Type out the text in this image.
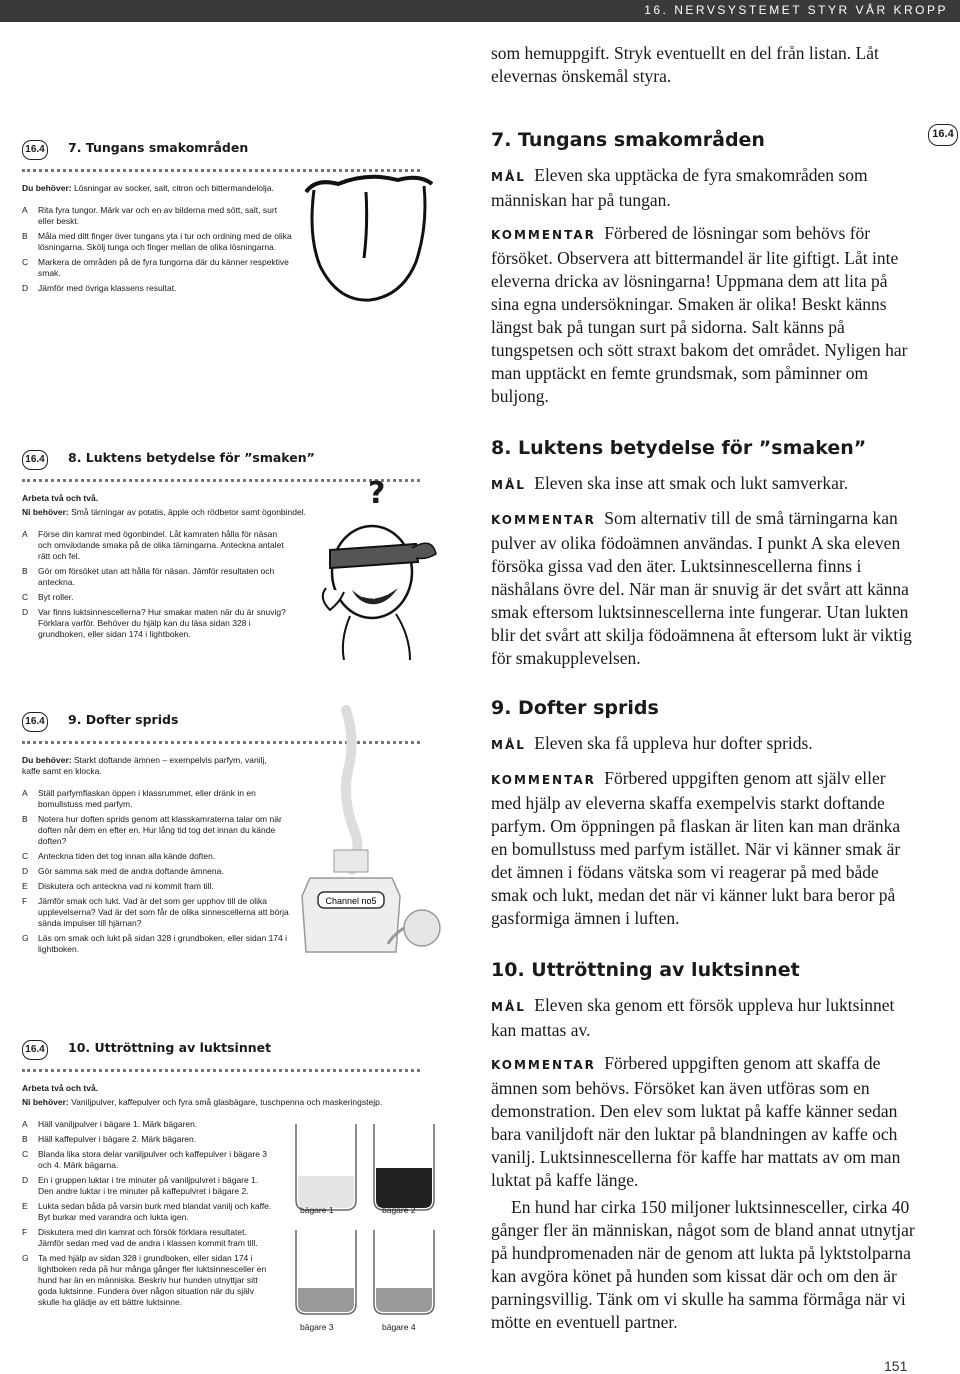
16. NERVSYSTEMET STYR VÅR KROPP
som hemuppgift. Stryk eventuellt en del från listan. Låt elevernas önskemål styra.
16.4
16.4 7. Tungans smakområden
Du behöver: Lösningar av socker, salt, citron och bittermandelolja.
A Rita fyra tungor. Märk var och en av bilderna med sött, salt, surt eller beskt.
B Måla med ditt finger över tungans yta i tur och ordning med de olika lösningarna. Skölj tunga och finger mellan de olika lösningarna.
C Markera de områden på de fyra tungorna där du känner respektive smak.
D Jämför med övriga klassens resultat.
16.4 8. Luktens betydelse för ”smaken”
Arbeta två och två.
Ni behöver: Små tärningar av potatis, äpple och rödbetor samt ögonbindel.
A Förse din kamrat med ögonbindel. Låt kamraten hålla för näsan och omväxlande smaka på de olika tärningarna. Anteckna antalet rätt och fel.
B Gör om försöket utan att hålla för näsan. Jämför resultaten och anteckna.
C Byt roller.
D Var finns luktsinnescellerna? Hur smakar maten när du är snuvig? Förklara varför. Behöver du hjälp kan du läsa sidan 328 i grundboken, eller sidan 174 i lightboken.
?
16.4 9. Dofter sprids
Du behöver: Starkt doftande ämnen – exempelvis parfym, vanilj, kaffe samt en klocka.
A Ställ parfymflaskan öppen i klassrummet, eller dränk in en bomullstuss med parfym.
B Notera hur doften sprids genom att klasskamraterna talar om när doften når dem en efter en. Hur lång tid tog det innan du kände doften?
C Anteckna tiden det tog innan alla kände doften.
D Gör samma sak med de andra doftande ämnena.
E Diskutera och anteckna vad ni kommit fram till.
F Jämför smak och lukt. Vad är det som ger upphov till de olika upplevelserna? Vad är det som får de olika sinnescellerna att börja sända impulser till hjärnan?
G Läs om smak och lukt på sidan 328 i grundboken, eller sidan 174 i lightboken.
Channel no5
16.4 10. Uttröttning av luktsinnet
Arbeta två och två.
Ni behöver: Vaniljpulver, kaffepulver och fyra små glasbägare, tuschpenna och maskeringstejp.
A Häll vaniljpulver i bägare 1. Märk bägaren.
B Häll kaffepulver i bägare 2. Märk bägaren.
C Blanda lika stora delar vaniljpulver och kaffepulver i bägare 3 och 4. Märk bägarna.
D En i gruppen luktar i tre minuter på vaniljpulvret i bägare 1. Den andre luktar i tre minuter på kaffepulvret i bägare 2.
E Lukta sedan båda på varsin burk med blandat vanilj och kaffe. Byt burkar med varandra och lukta igen.
F Diskutera med din kamrat och försök förklara resultatet. Jämför sedan med vad de andra i klassen kommit fram till.
G Ta med hjälp av sidan 328 i grundboken, eller sidan 174 i lightboken reda på hur många gånger fler luktsinnesceller en hund har än en människa. Beskriv hur hunden utnyttjar sitt goda luktsinne. Fundera över någon situation när du själv skulle ha glädje av ett bättre luktsinne.
bägare 1	bägare 2
bägare 3	bägare 4
7. Tungans smakområden

MÅL Eleven ska upptäcka de fyra smakområden som människan har på tungan.

KOMMENTAR Förbered de lösningar som behövs för försöket. Observera att bittermandel är lite giftigt. Låt inte eleverna dricka av lösningarna! Uppmana dem att lita på sina egna undersökningar. Smaken är olika! Beskt känns längst bak på tungan surt på sidorna. Salt känns på tungspetsen och sött straxt bakom det området. Nyligen har man upptäckt en femte grundsmak, som påminner om buljong.

8. Luktens betydelse för ”smaken”

MÅL Eleven ska inse att smak och lukt samverkar.

KOMMENTAR Som alternativ till de små tärningarna kan pulver av olika födoämnen användas. I punkt A ska eleven försöka gissa vad den äter. Luktsinnescellerna finns i näshålans övre del. När man är snuvig är det svårt att känna smak eftersom luktsinnescellerna inte fungerar. Utan lukten blir det svårt att skilja födoämnena åt eftersom lukt är viktig för smakupplevelsen.

9. Dofter sprids

MÅL Eleven ska få uppleva hur dofter sprids.

KOMMENTAR Förbered uppgiften genom att själv eller med hjälp av eleverna skaffa exempelvis starkt doftande parfym. Om öppningen på flaskan är liten kan man dränka en bomullstuss med parfym istället. När vi känner smak är det ämnen i födans vätska som vi reagerar på med både smak och lukt, medan det när vi känner lukt bara beror på gasformiga ämnen i luften.

10. Uttröttning av luktsinnet

MÅL Eleven ska genom ett försök uppleva hur luktsinnet kan mattas av.

KOMMENTAR Förbered uppgiften genom att skaffa de ämnen som behövs. Försöket kan även utföras som en demonstration. Den elev som luktat på kaffe känner sedan bara vaniljdoft när den luktar på blandningen av kaffe och vanilj. Luktsinnescellerna för kaffe har mattats av om man luktat på kaffe länge.

En hund har cirka 150 miljoner luktsinnesceller, cirka 40 gånger fler än människan, något som de bland annat utnytjar på hundpromenaden när de genom att lukta på lyktstolparna kan avgöra könet på hunden som kissat där och om den är parningsvillig. Tänk om vi skulle ha samma förmåga när vi mötte en eventuell partner.

151
